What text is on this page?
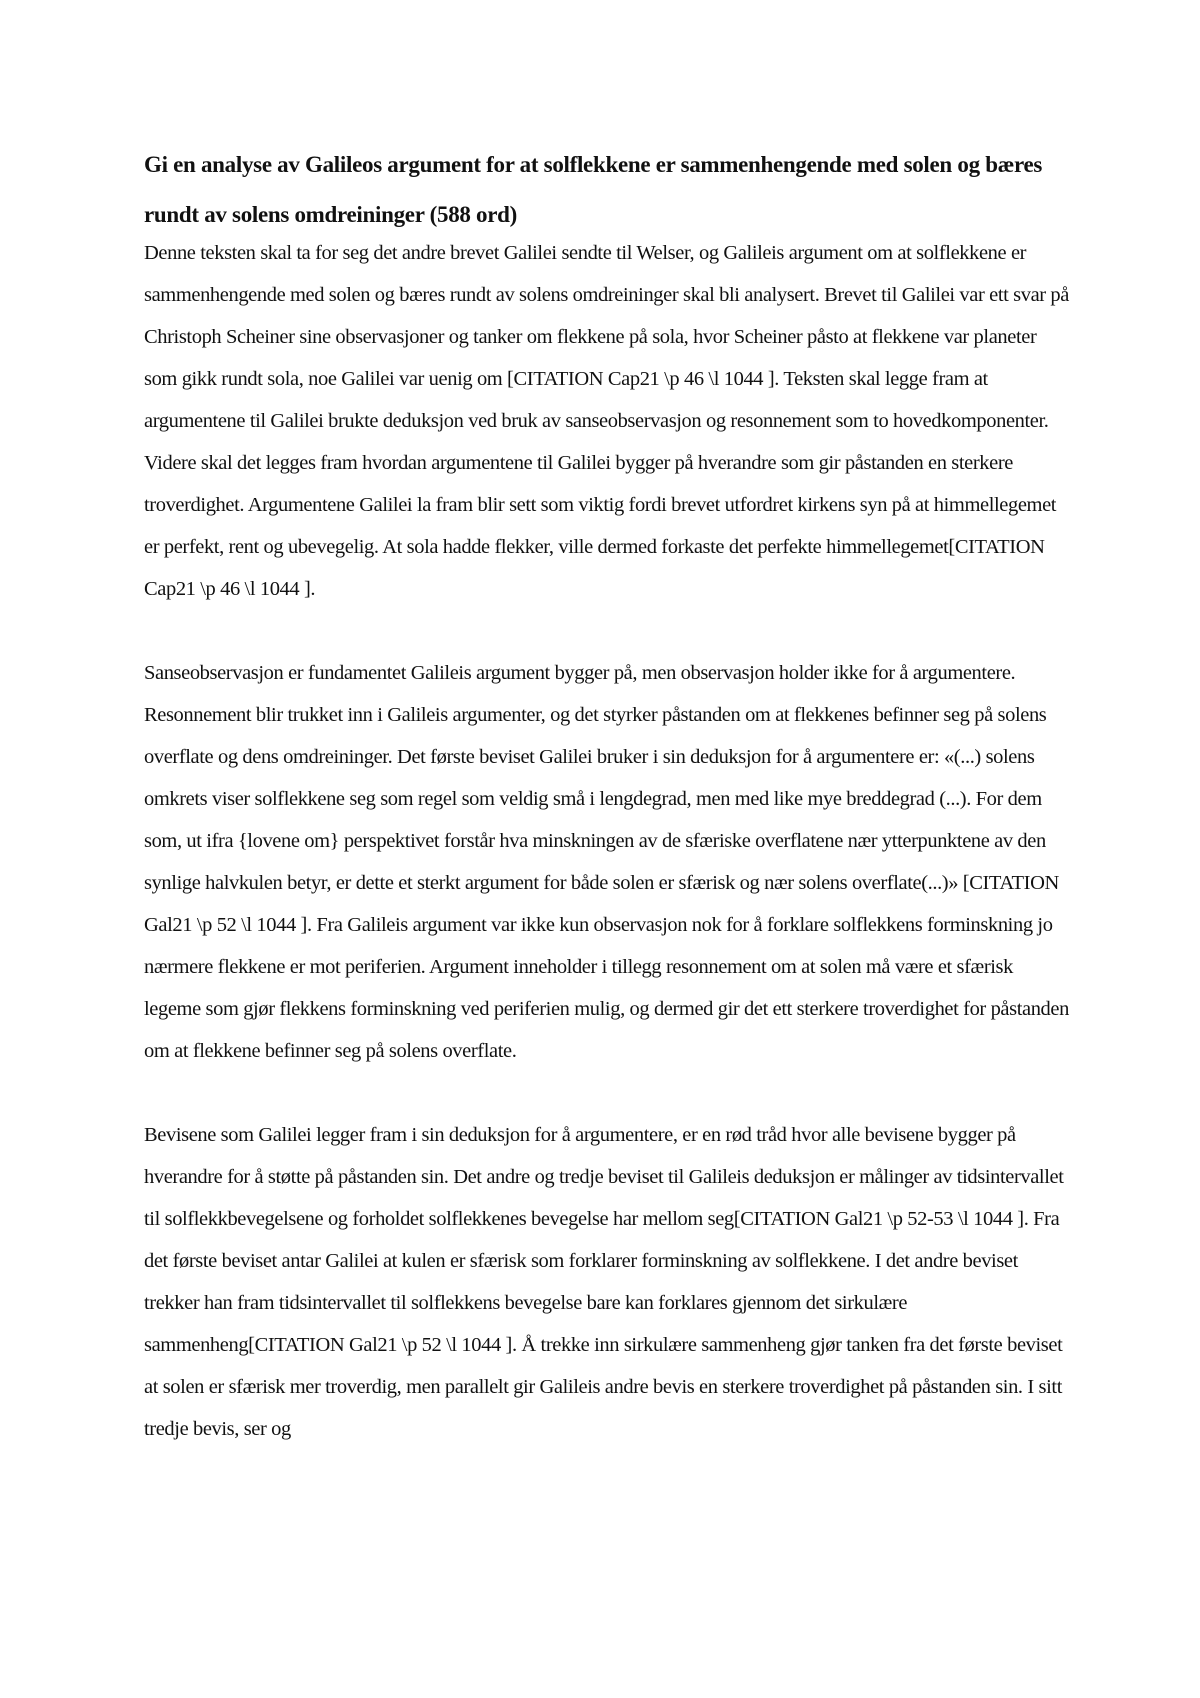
Gi en analyse av Galileos argument for at solflekkene er sammenhengende med solen og bæres rundt av solens omdreininger (588 ord)

Denne teksten skal ta for seg det andre brevet Galilei sendte til Welser, og Galileis argument om at solflekkene er sammenhengende med solen og bæres rundt av solens omdreininger skal bli analysert. Brevet til Galilei var ett svar på Christoph Scheiner sine observasjoner og tanker om flekkene på sola, hvor Scheiner påsto at flekkene var planeter som gikk rundt sola, noe Galilei var uenig om [CITATION Cap21 \p 46 \l 1044 ]. Teksten skal legge fram at argumentene til Galilei brukte deduksjon ved bruk av sanseobservasjon og resonnement som to hovedkomponenter. Videre skal det legges fram hvordan argumentene til Galilei bygger på hverandre som gir påstanden en sterkere troverdighet. Argumentene Galilei la fram blir sett som viktig fordi brevet utfordret kirkens syn på at himmellegemet er perfekt, rent og ubevegelig. At sola hadde flekker, ville dermed forkaste det perfekte himmellegemet[CITATION Cap21 \p 46 \l 1044 ].

Sanseobservasjon er fundamentet Galileis argument bygger på, men observasjon holder ikke for å argumentere. Resonnement blir trukket inn i Galileis argumenter, og det styrker påstanden om at flekkenes befinner seg på solens overflate og dens omdreininger. Det første beviset Galilei bruker i sin deduksjon for å argumentere er: «(...) solens omkrets viser solflekkene seg som regel som veldig små i lengdegrad, men med like mye breddegrad (...). For dem som, ut ifra {lovene om} perspektivet forstår hva minskningen av de sfæriske overflatene nær ytterpunktene av den synlige halvkulen betyr, er dette et sterkt argument for både solen er sfærisk og nær solens overflate(...)» [CITATION Gal21 \p 52 \l 1044 ]. Fra Galileis argument var ikke kun observasjon nok for å forklare solflekkens forminskning jo nærmere flekkene er mot periferien. Argument inneholder i tillegg resonnement om at solen må være et sfærisk legeme som gjør flekkens forminskning ved periferien mulig, og dermed gir det ett sterkere troverdighet for påstanden om at flekkene befinner seg på solens overflate.

Bevisene som Galilei legger fram i sin deduksjon for å argumentere, er en rød tråd hvor alle bevisene bygger på hverandre for å støtte på påstanden sin. Det andre og tredje beviset til Galileis deduksjon er målinger av tidsintervallet til solflekkbevegelsene og forholdet solflekkenes bevegelse har mellom seg[CITATION Gal21 \p 52-53 \l 1044 ]. Fra det første beviset antar Galilei at kulen er sfærisk som forklarer forminskning av solflekkene. I det andre beviset trekker han fram tidsintervallet til solflekkens bevegelse bare kan forklares gjennom det sirkulære sammenheng[CITATION Gal21 \p 52 \l 1044 ]. Å trekke inn sirkulære sammenheng gjør tanken fra det første beviset at solen er sfærisk mer troverdig, men parallelt gir Galileis andre bevis en sterkere troverdighet på påstanden sin. I sitt tredje bevis, ser og
